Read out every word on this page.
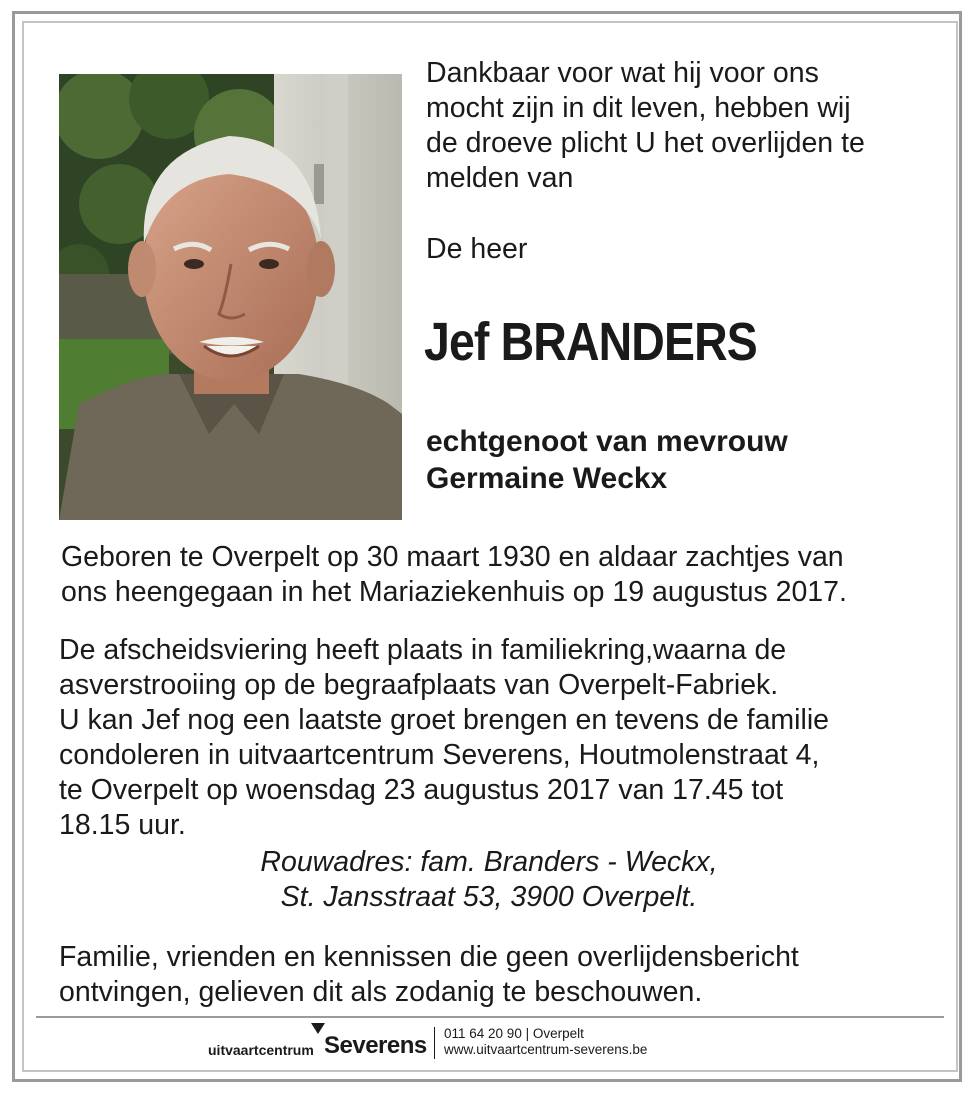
Dankbaar voor wat hij voor ons
mocht zijn in dit leven, hebben wij
de droeve plicht U het overlijden te
melden van

De heer

Jef BRANDERS

echtgenoot van mevrouw
Germaine Weckx

Geboren te Overpelt op 30 maart 1930 en aldaar zachtjes van
ons heengegaan in het Mariaziekenhuis op 19 augustus 2017.

De afscheidsviering heeft plaats in familiekring,waarna de
asverstrooiing op de begraafplaats van Overpelt-Fabriek.
U kan Jef nog een laatste groet brengen en tevens de familie
condoleren in uitvaartcentrum Severens, Houtmolenstraat 4,
te Overpelt op woensdag 23 augustus 2017 van 17.45 tot
18.15 uur.

Rouwadres: fam. Branders - Weckx,
St. Jansstraat 53, 3900 Overpelt.

Familie, vrienden en kennissen die geen overlijdensbericht
ontvingen, gelieven dit als zodanig te beschouwen.

uitvaartcentrum Severens 011 64 20 90 | Overpelt
www.uitvaartcentrum-severens.be
